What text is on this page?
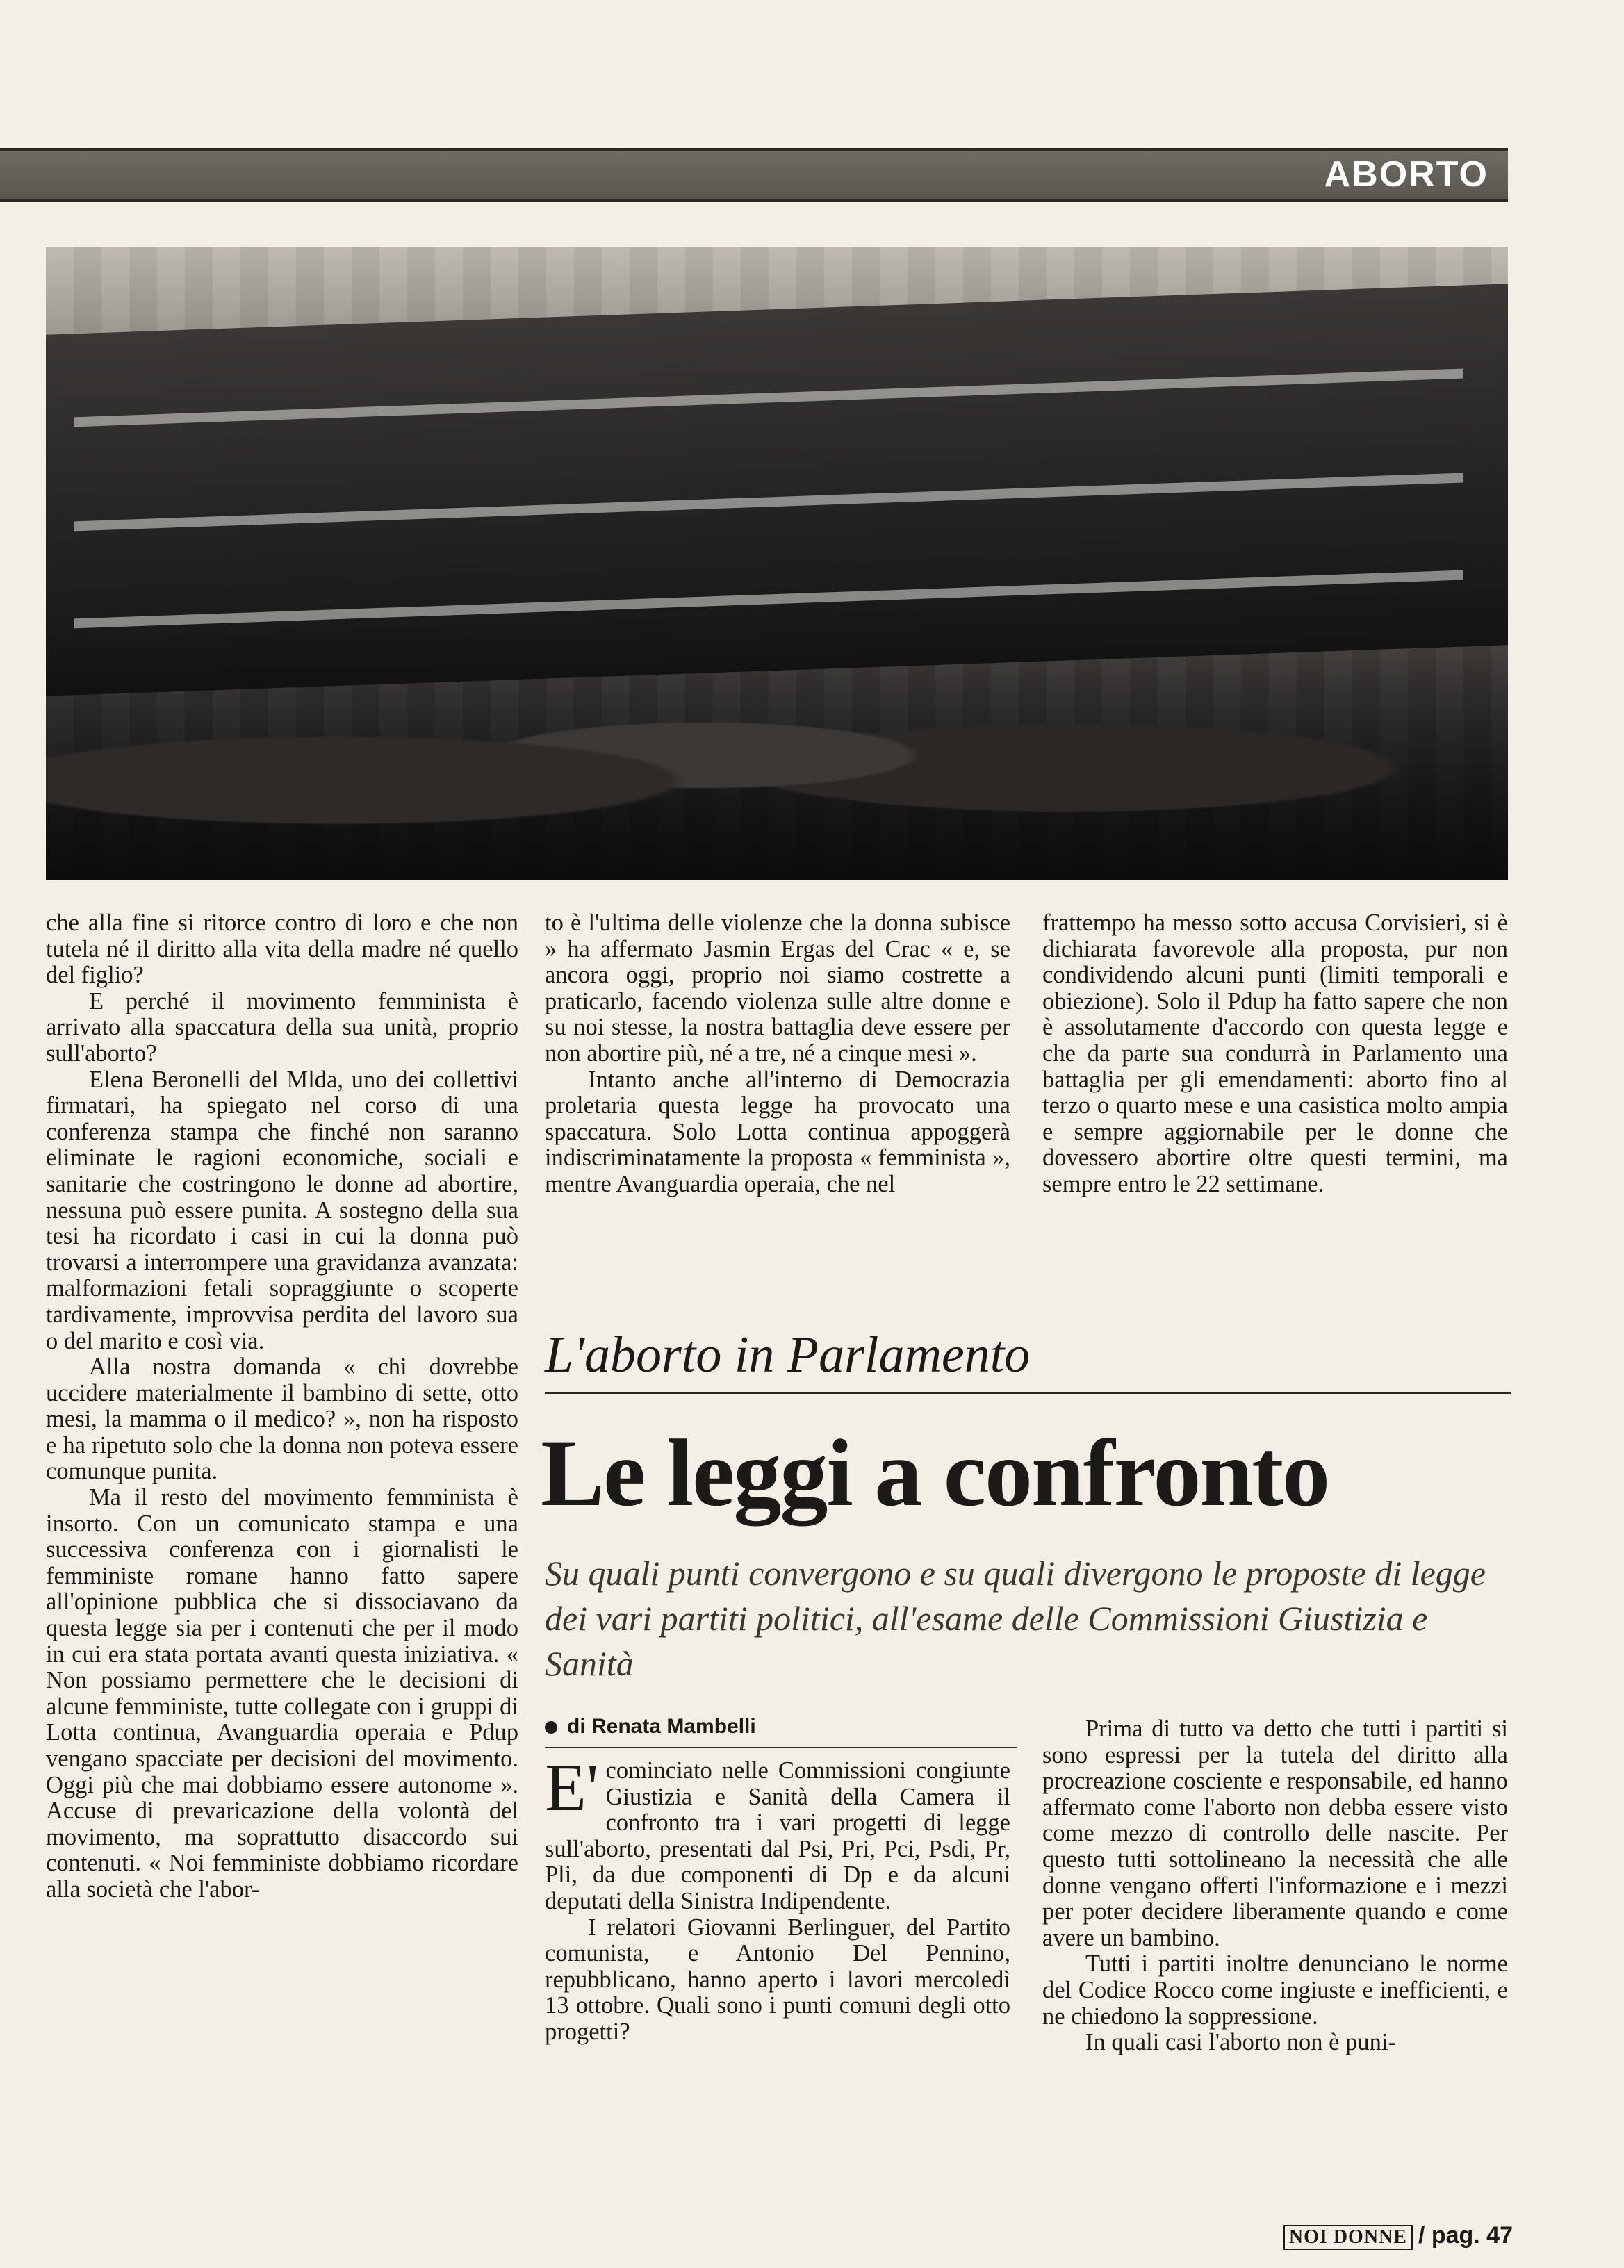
ABORTO

che alla fine si ritorce contro di loro e che non tutela né il diritto alla vita della madre né quello del figlio?

E perché il movimento femminista è arrivato alla spaccatura della sua unità, proprio sull'aborto?

Elena Beronelli del Mlda, uno dei collettivi firmatari, ha spiegato nel corso di una conferenza stampa che finché non saranno eliminate le ragioni economiche, sociali e sanitarie che costringono le donne ad abortire, nessuna può essere punita. A sostegno della sua tesi ha ricordato i casi in cui la donna può trovarsi a interrompere una gravidanza avanzata: malformazioni fetali sopraggiunte o scoperte tardivamente, improvvisa perdita del lavoro sua o del marito e così via.

Alla nostra domanda « chi dovrebbe uccidere materialmente il bambino di sette, otto mesi, la mamma o il medico? », non ha risposto e ha ripetuto solo che la donna non poteva essere comunque punita.

Ma il resto del movimento femminista è insorto. Con un comunicato stampa e una successiva conferenza con i giornalisti le femministe romane hanno fatto sapere all'opinione pubblica che si dissociavano da questa legge sia per i contenuti che per il modo in cui era stata portata avanti questa iniziativa. « Non possiamo permettere che le decisioni di alcune femministe, tutte collegate con i gruppi di Lotta continua, Avanguardia operaia e Pdup vengano spacciate per decisioni del movimento. Oggi più che mai dobbiamo essere autonome ». Accuse di prevaricazione della volontà del movimento, ma soprattutto disaccordo sui contenuti. « Noi femministe dobbiamo ricordare alla società che l'abor-

to è l'ultima delle violenze che la donna subisce » ha affermato Jasmin Ergas del Crac « e, se ancora oggi, proprio noi siamo costrette a praticarlo, facendo violenza sulle altre donne e su noi stesse, la nostra battaglia deve essere per non abortire più, né a tre, né a cinque mesi ».

Intanto anche all'interno di Democrazia proletaria questa legge ha provocato una spaccatura. Solo Lotta continua appoggerà indiscriminatamente la proposta « femminista », mentre Avanguardia operaia, che nel

frattempo ha messo sotto accusa Corvisieri, si è dichiarata favorevole alla proposta, pur non condividendo alcuni punti (limiti temporali e obiezione). Solo il Pdup ha fatto sapere che non è assolutamente d'accordo con questa legge e che da parte sua condurrà in Parlamento una battaglia per gli emendamenti: aborto fino al terzo o quarto mese e una casistica molto ampia e sempre aggiornabile per le donne che dovessero abortire oltre questi termini, ma sempre entro le 22 settimane.

L'aborto in Parlamento
Le leggi a confronto
Su quali punti convergono e su quali divergono le proposte di legge dei vari partiti politici, all'esame delle Commissioni Giustizia e Sanità
di Renata Mambelli

E' cominciato nelle Commissioni congiunte Giustizia e Sanità della Camera il confronto tra i vari progetti di legge sull'aborto, presentati dal Psi, Pri, Pci, Psdi, Pr, Pli, da due componenti di Dp e da alcuni deputati della Sinistra Indipendente.

I relatori Giovanni Berlinguer, del Partito comunista, e Antonio Del Pennino, repubblicano, hanno aperto i lavori mercoledì 13 ottobre. Quali sono i punti comuni degli otto progetti?

Prima di tutto va detto che tutti i partiti si sono espressi per la tutela del diritto alla procreazione cosciente e responsabile, ed hanno affermato come l'aborto non debba essere visto come mezzo di controllo delle nascite. Per questo tutti sottolineano la necessità che alle donne vengano offerti l'informazione e i mezzi per poter decidere liberamente quando e come avere un bambino.

Tutti i partiti inoltre denunciano le norme del Codice Rocco come ingiuste e inefficienti, e ne chiedono la soppressione.

In quali casi l'aborto non è puni-

NOI DONNE / pag. 47
